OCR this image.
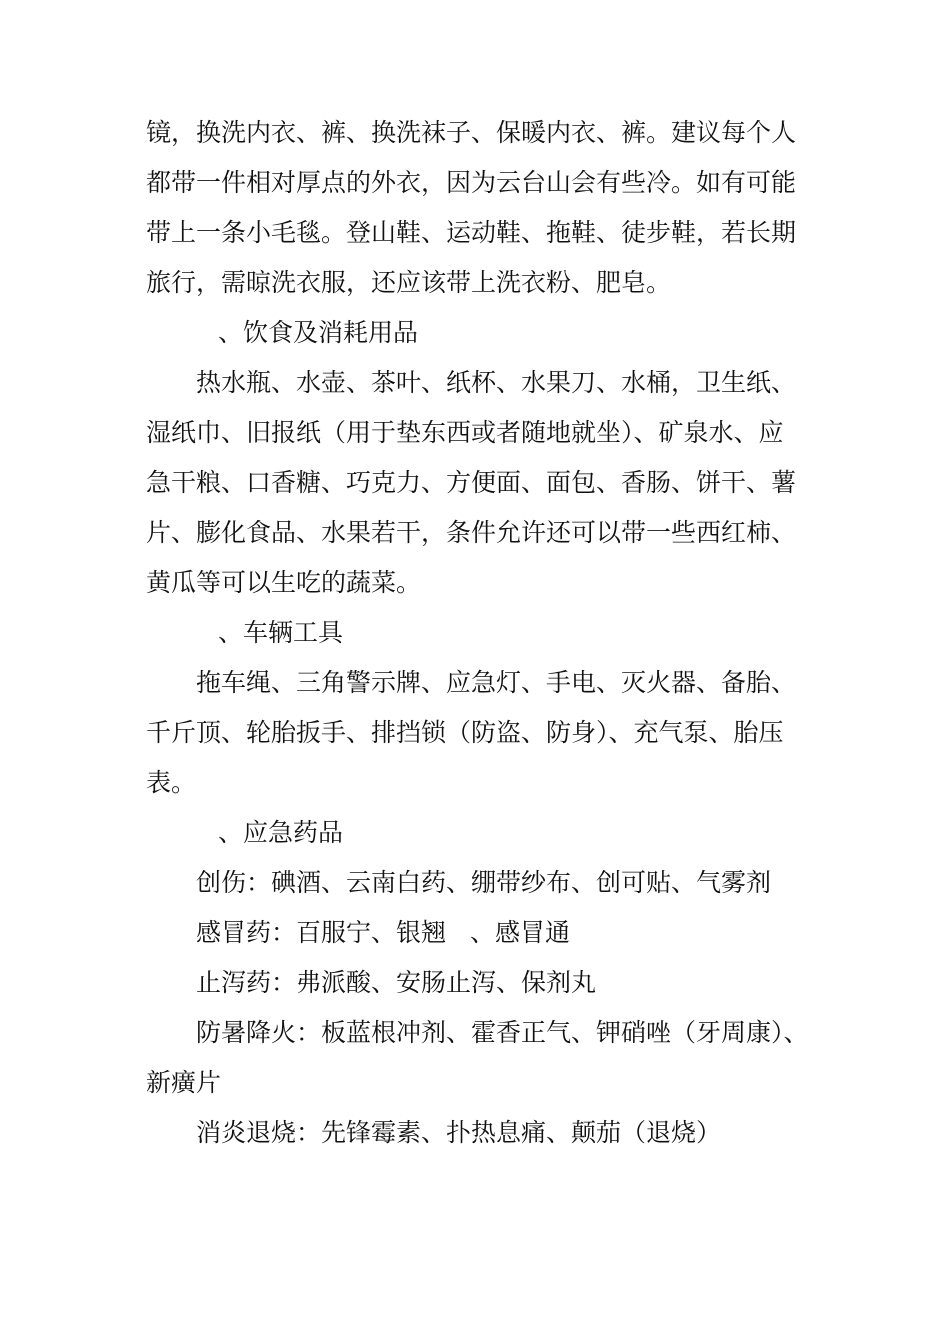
镜，换洗内衣、裤、换洗袜子、保暖内衣、裤。建议每个人
都带一件相对厚点的外衣，因为云台山会有些冷。如有可能
带上一条小毛毯。登山鞋、运动鞋、拖鞋、徒步鞋，若长期
旅行，需晾洗衣服，还应该带上洗衣粉、肥皂。
、饮食及消耗用品
热水瓶、水壶、茶叶、纸杯、水果刀、水桶，卫生纸、
湿纸巾、旧报纸（用于垫东西或者随地就坐）、矿泉水、应
急干粮、口香糖、巧克力、方便面、面包、香肠、饼干、薯
片、膨化食品、水果若干，条件允许还可以带一些西红柿、
黄瓜等可以生吃的蔬菜。
、车辆工具
拖车绳、三角警示牌、应急灯、手电、灭火器、备胎、
千斤顶、轮胎扳手、排挡锁（防盗、防身）、充气泵、胎压
表。
、应急药品
创伤：碘酒、云南白药、绷带纱布、创可贴、气雾剂
感冒药：百服宁、银翘 、感冒通
止泻药：弗派酸、安肠止泻、保剂丸
防暑降火：板蓝根冲剂、霍香正气、钾硝唑（牙周康）、
新癀片
消炎退烧：先锋霉素、扑热息痛、颠茄（退烧）
